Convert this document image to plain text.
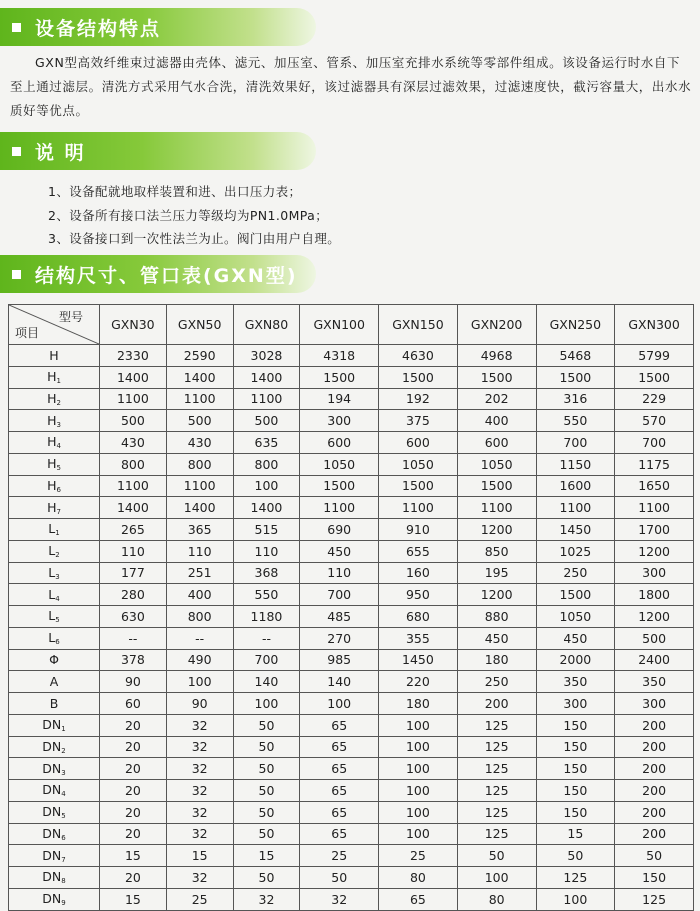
设备结构特点
GXN型高效纤维束过滤器由壳体、滤元、加压室、管系、加压室充排水系统等零部件组成。该设备运行时水自下至上通过滤层。清洗方式采用气水合洗，清洗效果好，该过滤器具有深层过滤效果，过滤速度快，截污容量大，出水水质好等优点。
说 明
1、设备配就地取样装置和进、出口压力表；
2、设备所有接口法兰压力等级均为PN1.0MPa；
3、设备接口到一次性法兰为止。阀门由用户自理。
结构尺寸、管口表(GXN型)
型号
项目	GXN30	GXN50	GXN80	GXN100	GXN150	GXN200	GXN250	GXN300
H	2330	2590	3028	4318	4630	4968	5468	5799
$H_1$	1400	1400	1400	1500	1500	1500	1500	1500
$H_2$	1100	1100	1100	194	192	202	316	229
$H_3$	500	500	500	300	375	400	550	570
$H_4$	430	430	635	600	600	600	700	700
$H_5$	800	800	800	1050	1050	1050	1150	1175
$H_6$	1100	1100	100	1500	1500	1500	1600	1650
$H_7$	1400	1400	1400	1100	1100	1100	1100	1100
$L_1$	265	365	515	690	910	1200	1450	1700
$L_2$	110	110	110	450	655	850	1025	1200
$L_3$	177	251	368	110	160	195	250	300
$L_4$	280	400	550	700	950	1200	1500	1800
$L_5$	630	800	1180	485	680	880	1050	1200
$L_6$	--	--	--	270	355	450	450	500
Φ	378	490	700	985	1450	180	2000	2400
A	90	100	140	140	220	250	350	350
B	60	90	100	100	180	200	300	300
$DN_1$	20	32	50	65	100	125	150	200
$DN_2$	20	32	50	65	100	125	150	200
$DN_3$	20	32	50	65	100	125	150	200
$DN_4$	20	32	50	65	100	125	150	200
$DN_5$	20	32	50	65	100	125	150	200
$DN_6$	20	32	50	65	100	125	15	200
$DN_7$	15	15	15	25	25	50	50	50
$DN_8$	20	32	50	50	80	100	125	150
$DN_9$	15	25	32	32	65	80	100	125
